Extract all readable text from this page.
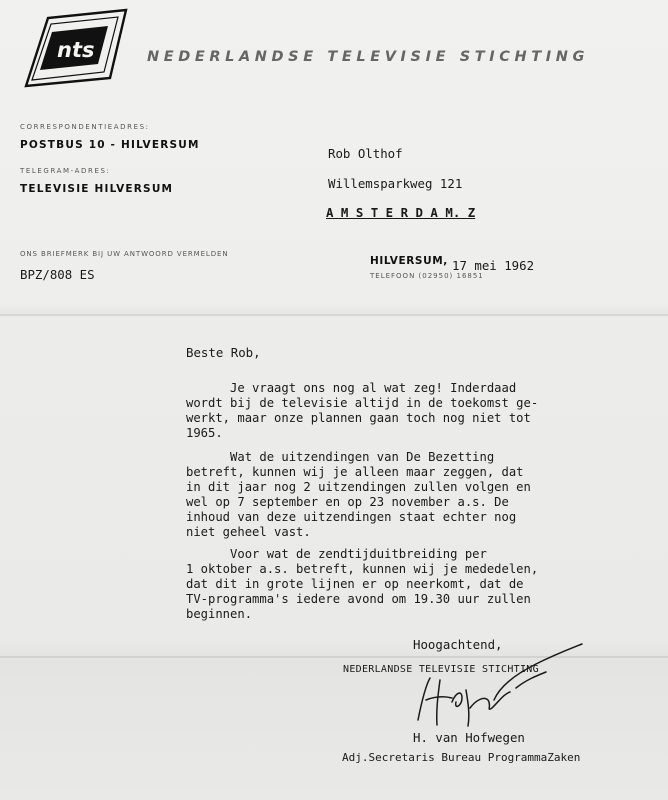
nts	NEDERLANDSE TELEVISIE STICHTING
CORRESPONDENTIEADRES:
POSTBUS 10 - HILVERSUM
TELEGRAM-ADRES:
TELEVISIE HILVERSUM
ONS BRIEFMERK BIJ UW ANTWOORD VERMELDEN
BPZ/808 ES
Rob Olthof
Willemsparkweg 121
A M S T E R D A M. Z
HILVERSUM, 17 mei 1962
TELEFOON (02950) 16851
Beste Rob,
Je vraagt ons nog al wat zeg! Inderdaad
wordt bij de televisie altijd in de toekomst ge-
werkt, maar onze plannen gaan toch nog niet tot
1965.
Wat de uitzendingen van De Bezetting
betreft, kunnen wij je alleen maar zeggen, dat
in dit jaar nog 2 uitzendingen zullen volgen en
wel op 7 september en op 23 november a.s. De
inhoud van deze uitzendingen staat echter nog
niet geheel vast.
Voor wat de zendtijduitbreiding per
1 oktober a.s. betreft, kunnen wij je mededelen,
dat dit in grote lijnen er op neerkomt, dat de
TV-programma's iedere avond om 19.30 uur zullen
beginnen.
Hoogachtend,
NEDERLANDSE TELEVISIE STICHTING
H. van Hofwegen
Adj.Secretaris Bureau ProgrammaZaken
